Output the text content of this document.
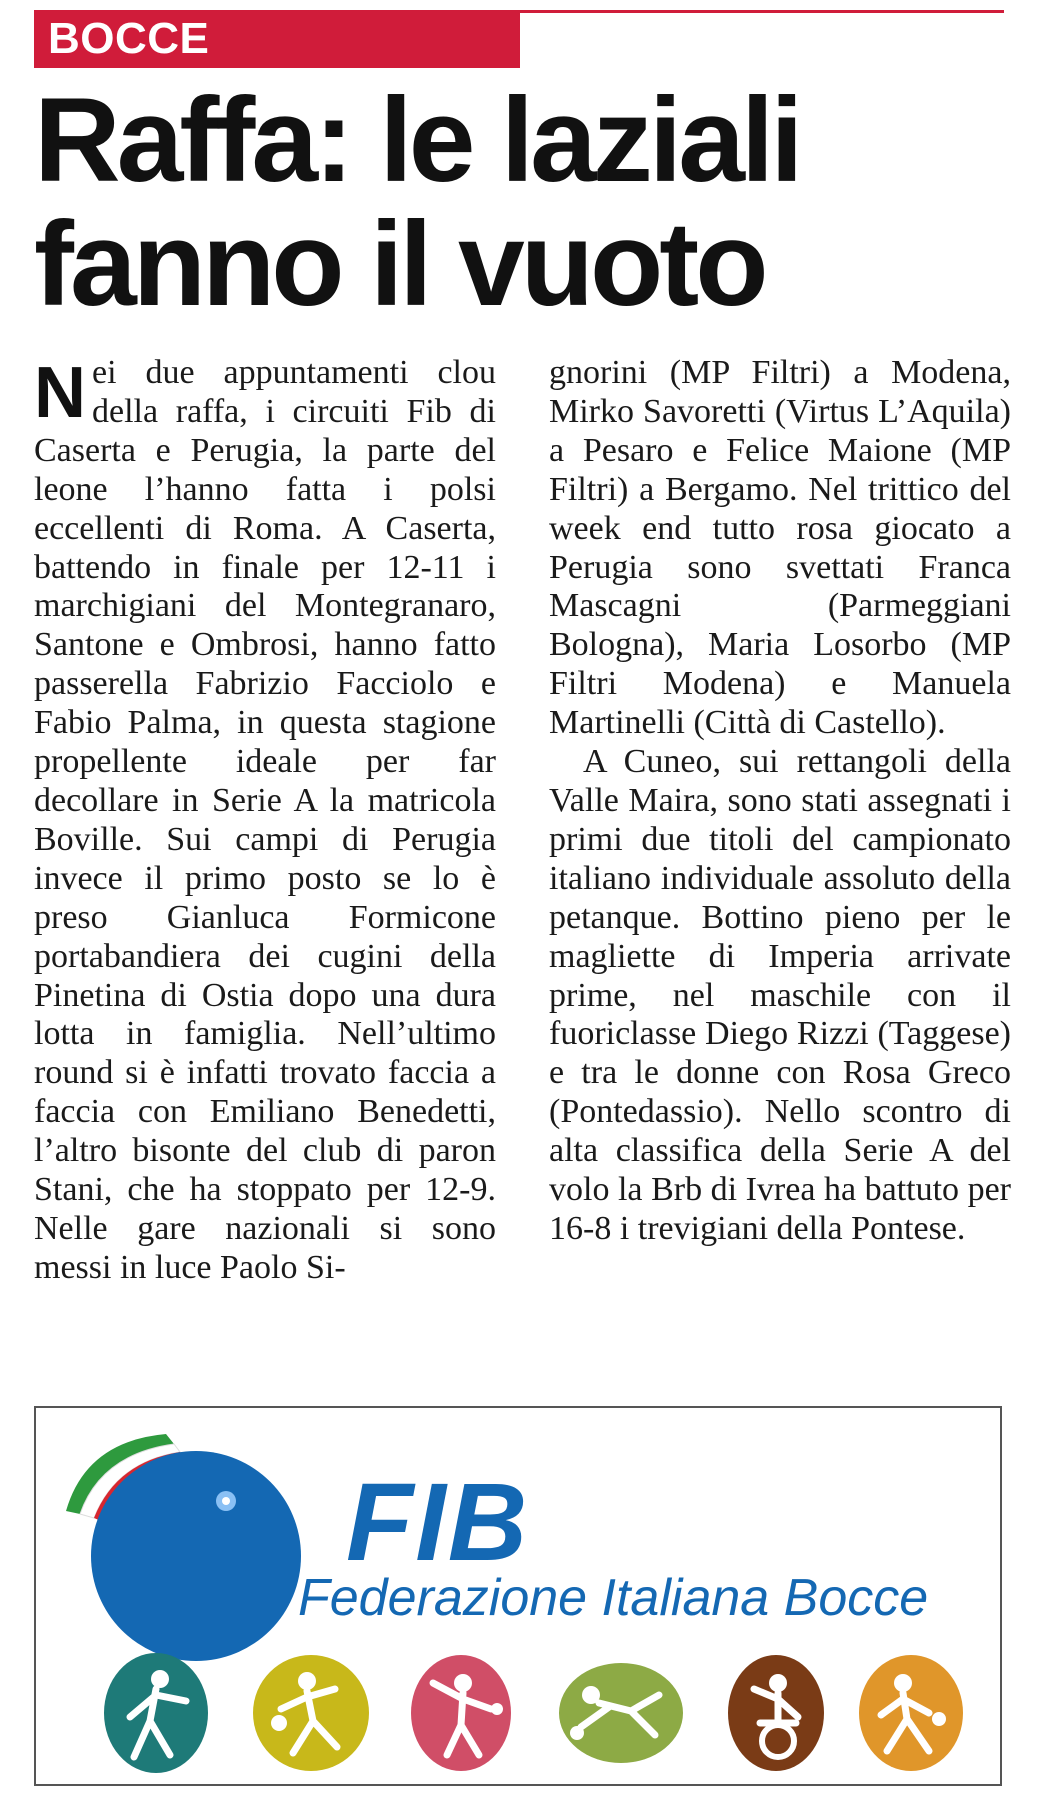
BOCCE
Raffa: le laziali
fanno il vuoto

Nei due appuntamenti clou della raffa, i circuiti Fib di Caserta e Perugia, la parte del leone l’hanno fatta i polsi eccellenti di Roma. A Caserta, battendo in finale per 12-11 i marchigiani del Montegranaro, Santone e Ombrosi, hanno fatto passerella Fabrizio Facciolo e Fabio Palma, in questa stagione propellente ideale per far decollare in Serie A la matricola Boville. Sui campi di Perugia invece il primo posto se lo è preso Gianluca Formicone portabandiera dei cugini della Pinetina di Ostia dopo una dura lotta in famiglia. Nell’ultimo round si è infatti trovato faccia a faccia con Emiliano Benedetti, l’altro bisonte del club di paron Stani, che ha stoppato per 12-9. Nelle gare nazionali si sono messi in luce Paolo Si-

gnorini (MP Filtri) a Modena, Mirko Savoretti (Virtus L’Aquila) a Pesaro e Felice Maione (MP Filtri) a Bergamo. Nel trittico del week end tutto rosa giocato a Perugia sono svettati Franca Mascagni (Parmeggiani Bologna), Maria Losorbo (MP Filtri Modena) e Manuela Martinelli (Città di Castello).

A Cuneo, sui rettangoli della Valle Maira, sono stati assegnati i primi due titoli del campionato italiano individuale assoluto della petanque. Bottino pieno per le magliette di Imperia arrivate prime, nel maschile con il fuoriclasse Diego Rizzi (Taggese) e tra le donne con Rosa Greco (Pontedassio). Nello scontro di alta classifica della Serie A del volo la Brb di Ivrea ha battuto per 16-8 i trevigiani della Pontese.

FIB
Federazione Italiana Bocce
